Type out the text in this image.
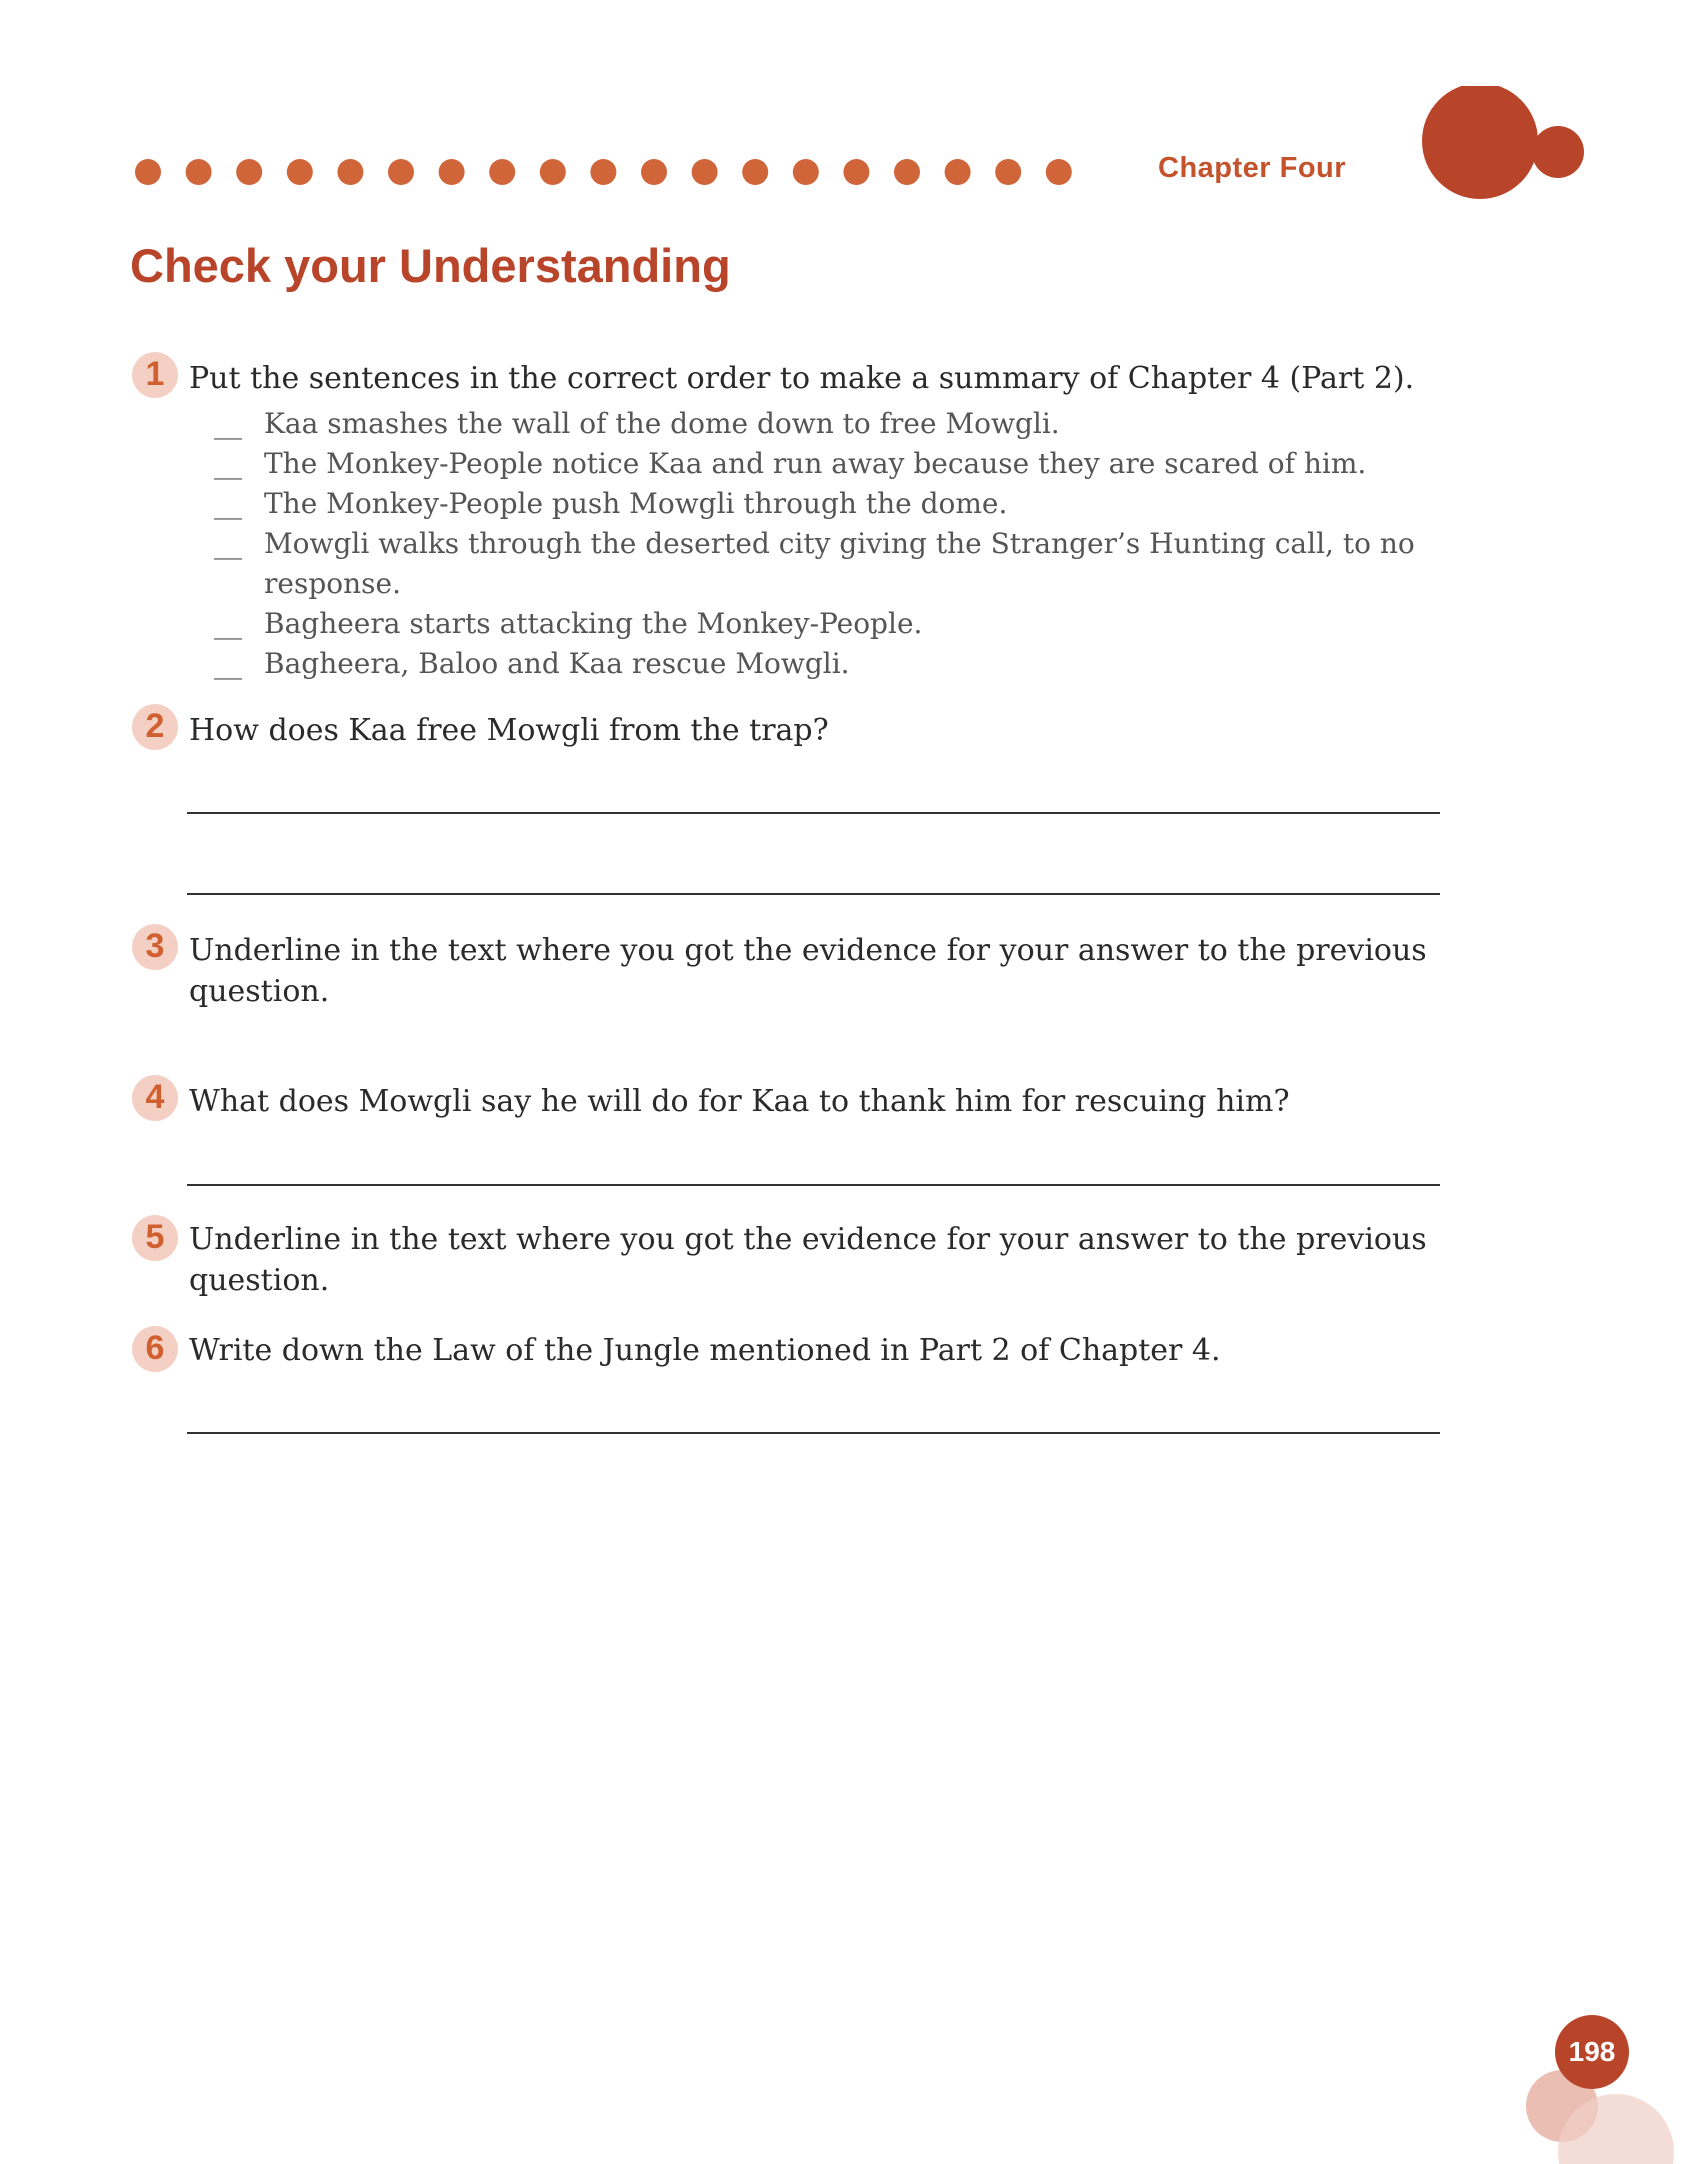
Chapter Four
Check your Understanding
1 Put the sentences in the correct order to make a summary of Chapter 4 (Part 2).
__ Kaa smashes the wall of the dome down to free Mowgli.
__ The Monkey-People notice Kaa and run away because they are scared of him.
__ The Monkey-People push Mowgli through the dome.
__ Mowgli walks through the deserted city giving the Stranger’s Hunting call, to no response.
__ Bagheera starts attacking the Monkey-People.
__ Bagheera, Baloo and Kaa rescue Mowgli.
2 How does Kaa free Mowgli from the trap?
3 Underline in the text where you got the evidence for your answer to the previous question.
4 What does Mowgli say he will do for Kaa to thank him for rescuing him?
5 Underline in the text where you got the evidence for your answer to the previous question.
6 Write down the Law of the Jungle mentioned in Part 2 of Chapter 4.
198
